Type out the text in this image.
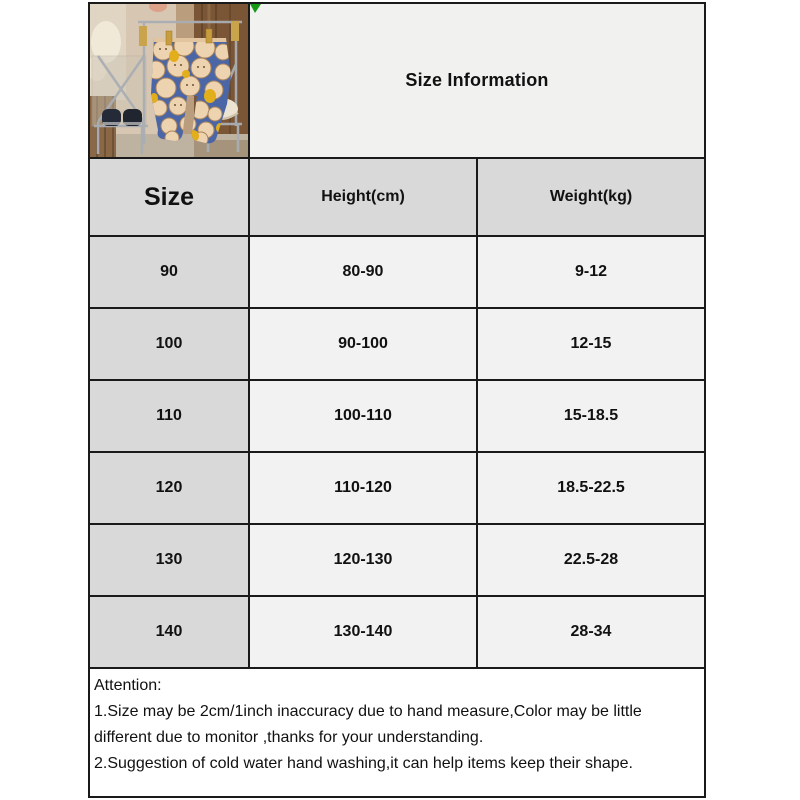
Size Information
Size	Height(cm)	Weight(kg)
90	80-90	9-12
100	90-100	12-15
110	100-110	15-18.5
120	110-120	18.5-22.5
130	120-130	22.5-28
140	130-140	28-34
Attention:
1.Size may be 2cm/1inch inaccuracy due to hand measure,Color may be little
different due to monitor ,thanks for your understanding.
2.Suggestion of cold water hand washing,it can help items keep their shape.
